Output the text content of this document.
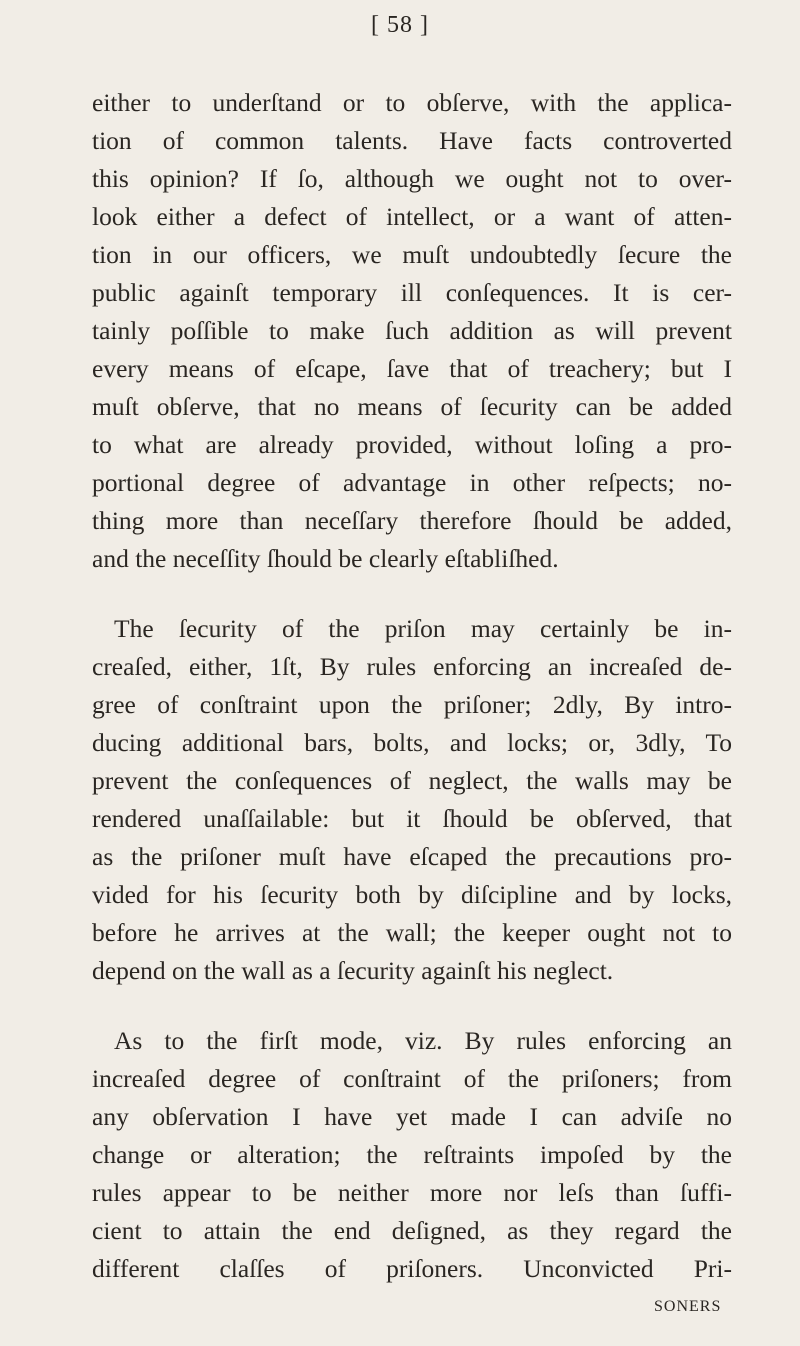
[ 58 ]
either to underſtand or to obſerve, with the applica-
tion of common talents. Have facts controverted
this opinion? If ſo, although we ought not to over-
look either a defect of intellect, or a want of atten-
tion in our officers, we muſt undoubtedly ſecure the
public againſt temporary ill conſequences. It is cer-
tainly poſſible to make ſuch addition as will prevent
every means of eſcape, ſave that of treachery; but I
muſt obſerve, that no means of ſecurity can be added
to what are already provided, without loſing a pro-
portional degree of advantage in other reſpects; no-
thing more than neceſſary therefore ſhould be added,
and the neceſſity ſhould be clearly eſtabliſhed.
The ſecurity of the priſon may certainly be in-
creaſed, either, 1ſt, By rules enforcing an increaſed de-
gree of conſtraint upon the priſoner; 2dly, By intro-
ducing additional bars, bolts, and locks; or, 3dly, To
prevent the conſequences of neglect, the walls may be
rendered unaſſailable: but it ſhould be obſerved, that
as the priſoner muſt have eſcaped the precautions pro-
vided for his ſecurity both by diſcipline and by locks,
before he arrives at the wall; the keeper ought not to
depend on the wall as a ſecurity againſt his neglect.
As to the firſt mode, viz. By rules enforcing an
increaſed degree of conſtraint of the priſoners; from
any obſervation I have yet made I can adviſe no
change or alteration; the reſtraints impoſed by the
rules appear to be neither more nor leſs than ſuffi-
cient to attain the end deſigned, as they regard the
different claſſes of priſoners. Unconvicted Pri-
SONERS
